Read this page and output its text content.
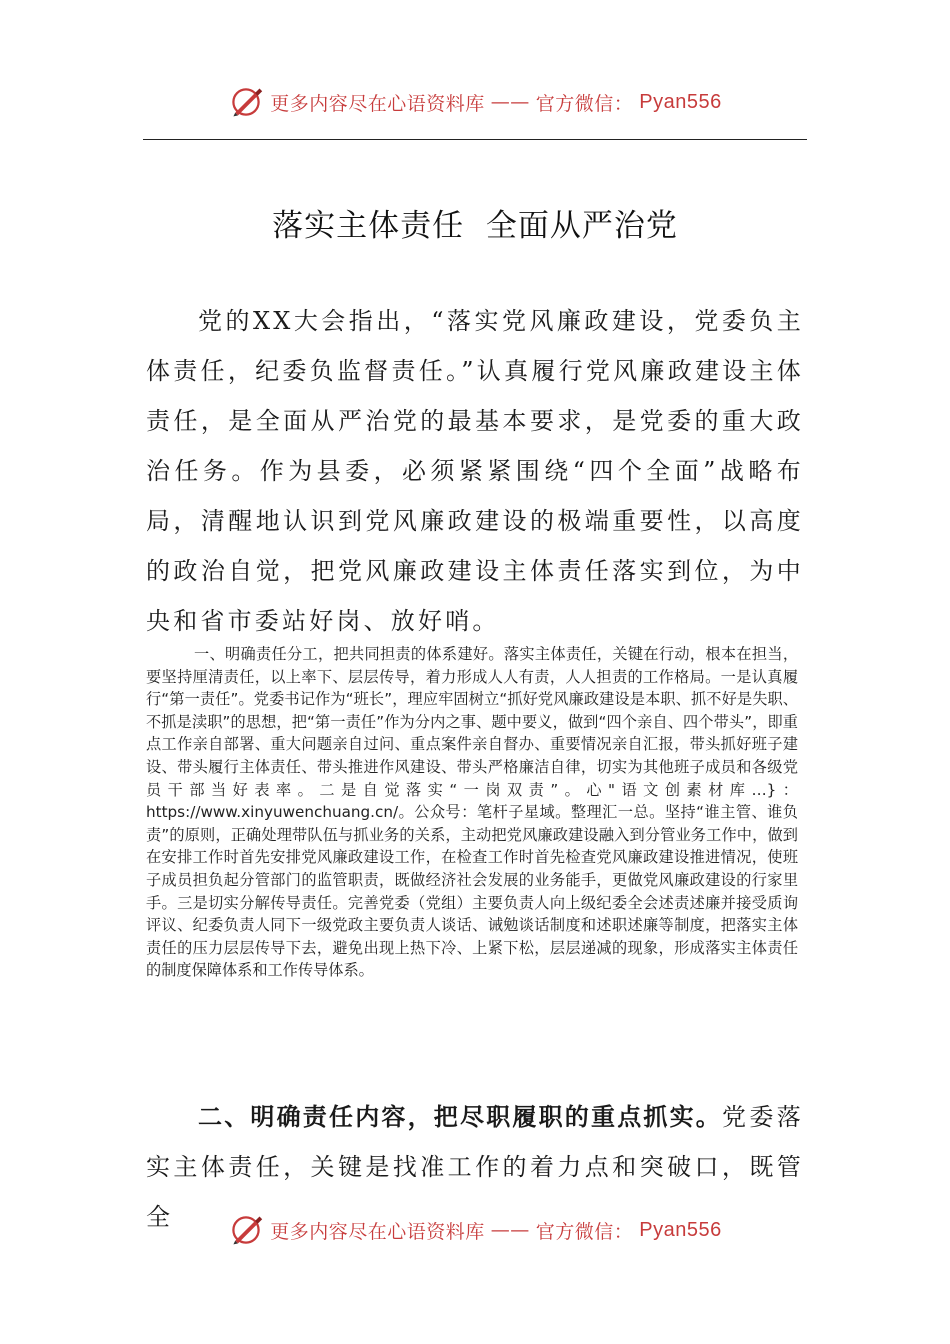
更多内容尽在心语资料库 —— 官方微信： Pyan556
落实主体责任  全面从严治党
党的XX大会指出，“落实党风廉政建设，党委负主体责任，纪委负监督责任。”认真履行党风廉政建设主体责任，是全面从严治党的最基本要求，是党委的重大政治任务。作为县委，必须紧紧围绕“四个全面”战略布局，清醒地认识到党风廉政建设的极端重要性，以高度的政治自觉，把党风廉政建设主体责任落实到位，为中央和省市委站好岗、放好哨。
一、明确责任分工，把共同担责的体系建好。落实主体责任，关键在行动，根本在担当，要坚持厘清责任，以上率下、层层传导，着力形成人人有责，人人担责的工作格局。一是认真履行“第一责任”。党委书记作为“班长”，理应牢固树立“抓好党风廉政建设是本职、抓不好是失职、不抓是渎职”的思想，把“第一责任”作为分内之事、题中要义，做到“四个亲自、四个带头”，即重点工作亲自部署、重大问题亲自过问、重点案件亲自督办、重要情况亲自汇报，带头抓好班子建设、带头履行主体责任、带头推进作风建设、带头严格廉洁自律，切实为其他班子成员和各级党员干部当好表率。二是自觉落实“一岗双责”。心"语文创素材库…}：https://www.xinyuwenchuang.cn/。公众号：笔杆子星域。整理汇一总。坚持“谁主管、谁负责”的原则，正确处理带队伍与抓业务的关系，主动把党风廉政建设融入到分管业务工作中，做到在安排工作时首先安排党风廉政建设工作，在检查工作时首先检查党风廉政建设推进情况，使班子成员担负起分管部门的监管职责，既做经济社会发展的业务能手，更做党风廉政建设的行家里手。三是切实分解传导责任。完善党委（党组）主要负责人向上级纪委全会述责述廉并接受质询评议、纪委负责人同下一级党政主要负责人谈话、诫勉谈话制度和述职述廉等制度，把落实主体责任的压力层层传导下去，避免出现上热下冷、上紧下松，层层递减的现象，形成落实主体责任的制度保障体系和工作传导体系。
二、明确责任内容，把尽职履职的重点抓实。党委落实主体责任，关键是找准工作的着力点和突破口，既管全
更多内容尽在心语资料库 —— 官方微信： Pyan556
